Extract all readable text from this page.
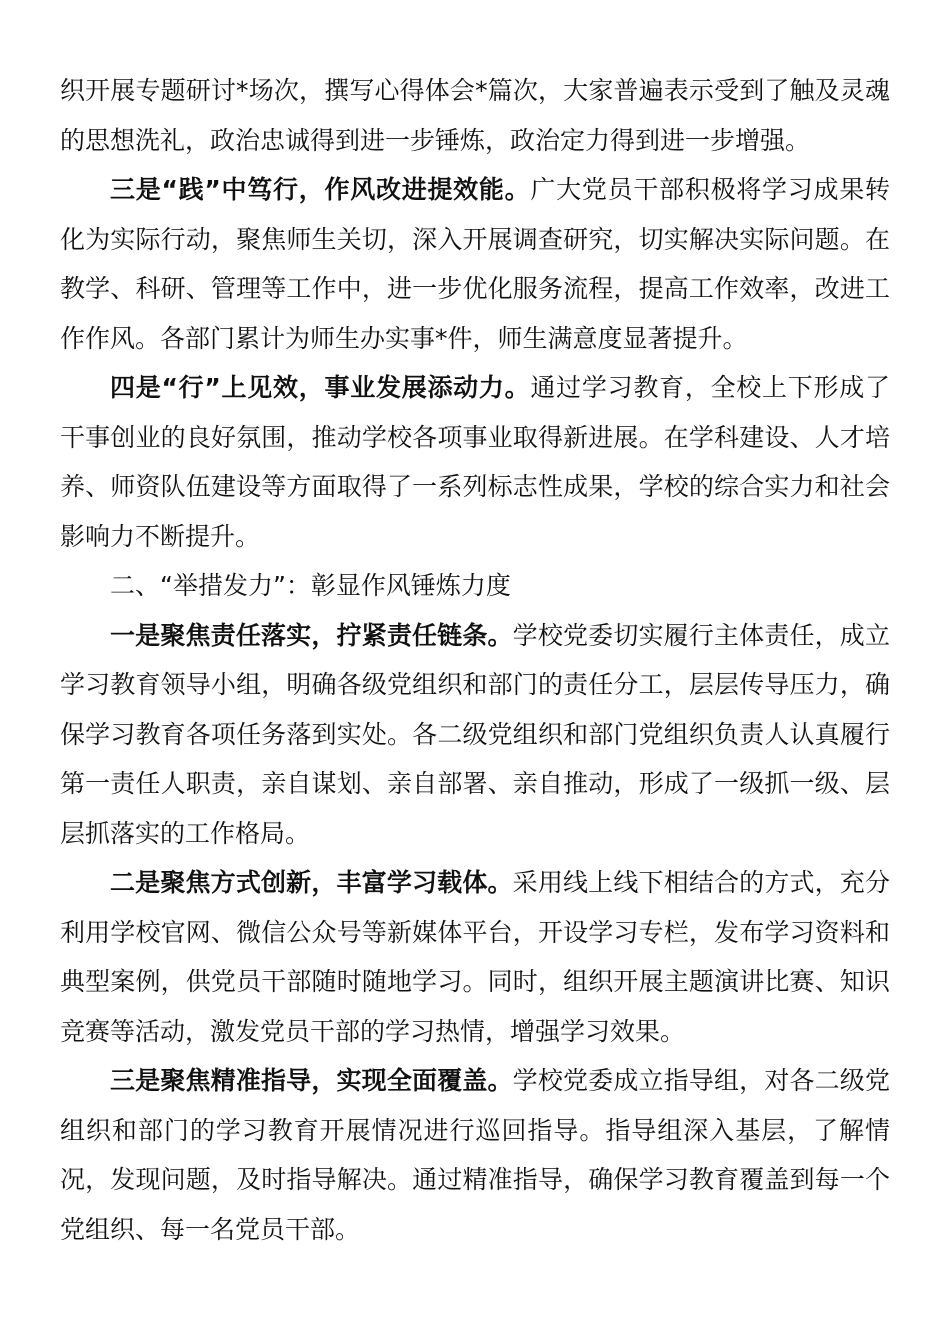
织开展专题研讨*场次，撰写心得体会*篇次，大家普遍表示受到了触及灵魂的思想洗礼，政治忠诚得到进一步锤炼，政治定力得到进一步增强。

三是“践”中笃行，作风改进提效能。广大党员干部积极将学习成果转化为实际行动，聚焦师生关切，深入开展调查研究，切实解决实际问题。在教学、科研、管理等工作中，进一步优化服务流程，提高工作效率，改进工作作风。各部门累计为师生办实事*件，师生满意度显著提升。

四是“行”上见效，事业发展添动力。通过学习教育，全校上下形成了干事创业的良好氛围，推动学校各项事业取得新进展。在学科建设、人才培养、师资队伍建设等方面取得了一系列标志性成果，学校的综合实力和社会影响力不断提升。

二、“举措发力”：彰显作风锤炼力度

一是聚焦责任落实，拧紧责任链条。学校党委切实履行主体责任，成立学习教育领导小组，明确各级党组织和部门的责任分工，层层传导压力，确保学习教育各项任务落到实处。各二级党组织和部门党组织负责人认真履行第一责任人职责，亲自谋划、亲自部署、亲自推动，形成了一级抓一级、层层抓落实的工作格局。

二是聚焦方式创新，丰富学习载体。采用线上线下相结合的方式，充分利用学校官网、微信公众号等新媒体平台，开设学习专栏，发布学习资料和典型案例，供党员干部随时随地学习。同时，组织开展主题演讲比赛、知识竞赛等活动，激发党员干部的学习热情，增强学习效果。

三是聚焦精准指导，实现全面覆盖。学校党委成立指导组，对各二级党组织和部门的学习教育开展情况进行巡回指导。指导组深入基层，了解情况，发现问题，及时指导解决。通过精准指导，确保学习教育覆盖到每一个党组织、每一名党员干部。
